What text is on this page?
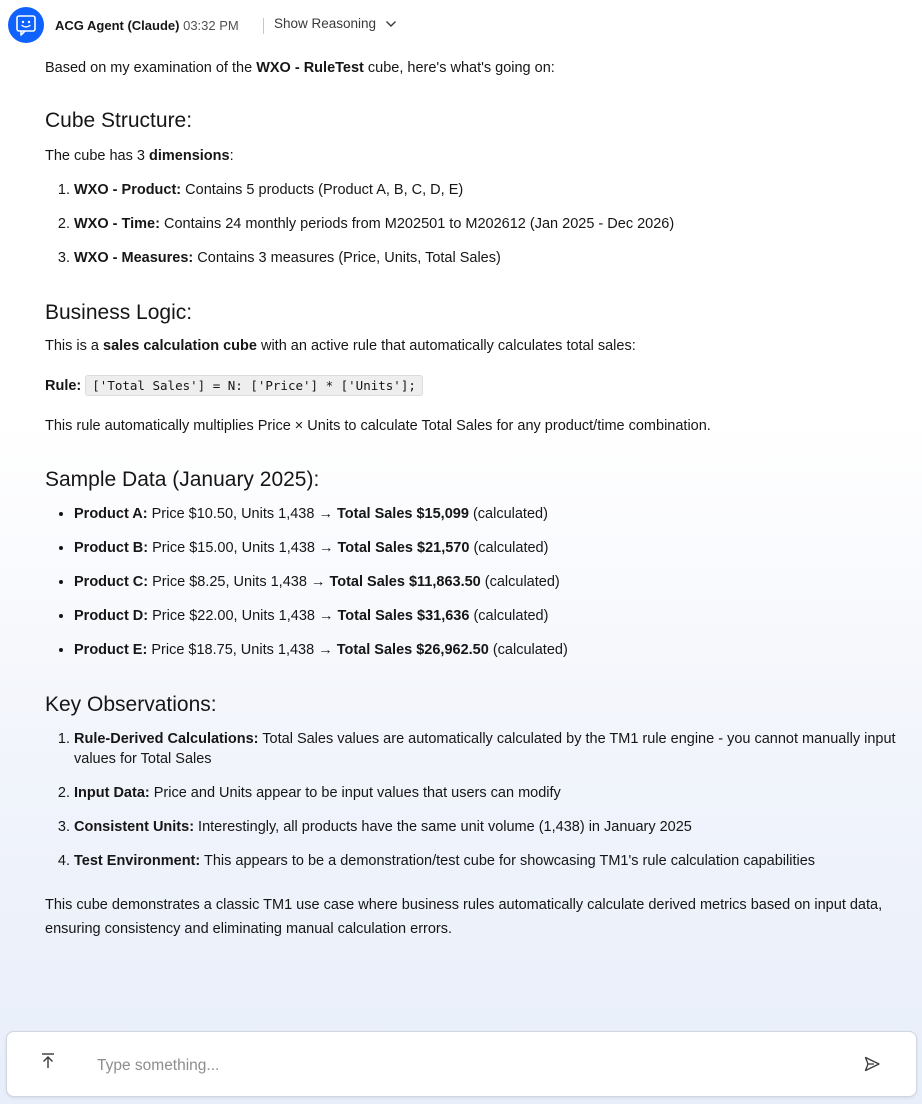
ACG Agent (Claude) 03:32 PM	Show Reasoning

Based on my examination of the WXO - RuleTest cube, here's what's going on:

Cube Structure:

The cube has 3 dimensions:

1. WXO - Product: Contains 5 products (Product A, B, C, D, E)
2. WXO - Time: Contains 24 monthly periods from M202501 to M202612 (Jan 2025 - Dec 2026)
3. WXO - Measures: Contains 3 measures (Price, Units, Total Sales)
Business Logic:

This is a sales calculation cube with an active rule that automatically calculates total sales:

Rule: ['Total Sales'] = N: ['Price'] * ['Units'];

This rule automatically multiplies Price × Units to calculate Total Sales for any product/time combination.

Sample Data (January 2025):
• Product A: Price $10.50, Units 1,438 → Total Sales $15,099 (calculated)
• Product B: Price $15.00, Units 1,438 → Total Sales $21,570 (calculated)
• Product C: Price $8.25, Units 1,438 → Total Sales $11,863.50 (calculated)
• Product D: Price $22.00, Units 1,438 → Total Sales $31,636 (calculated)
• Product E: Price $18.75, Units 1,438 → Total Sales $26,962.50 (calculated)
Key Observations:
1. Rule-Derived Calculations: Total Sales values are automatically calculated by the TM1 rule engine - you cannot manually input values for Total Sales
2. Input Data: Price and Units appear to be input values that users can modify
3. Consistent Units: Interestingly, all products have the same unit volume (1,438) in January 2025
4. Test Environment: This appears to be a demonstration/test cube for showcasing TM1's rule calculation capabilities

This cube demonstrates a classic TM1 use case where business rules automatically calculate derived metrics based on input data, ensuring consistency and eliminating manual calculation errors.

Type something...
